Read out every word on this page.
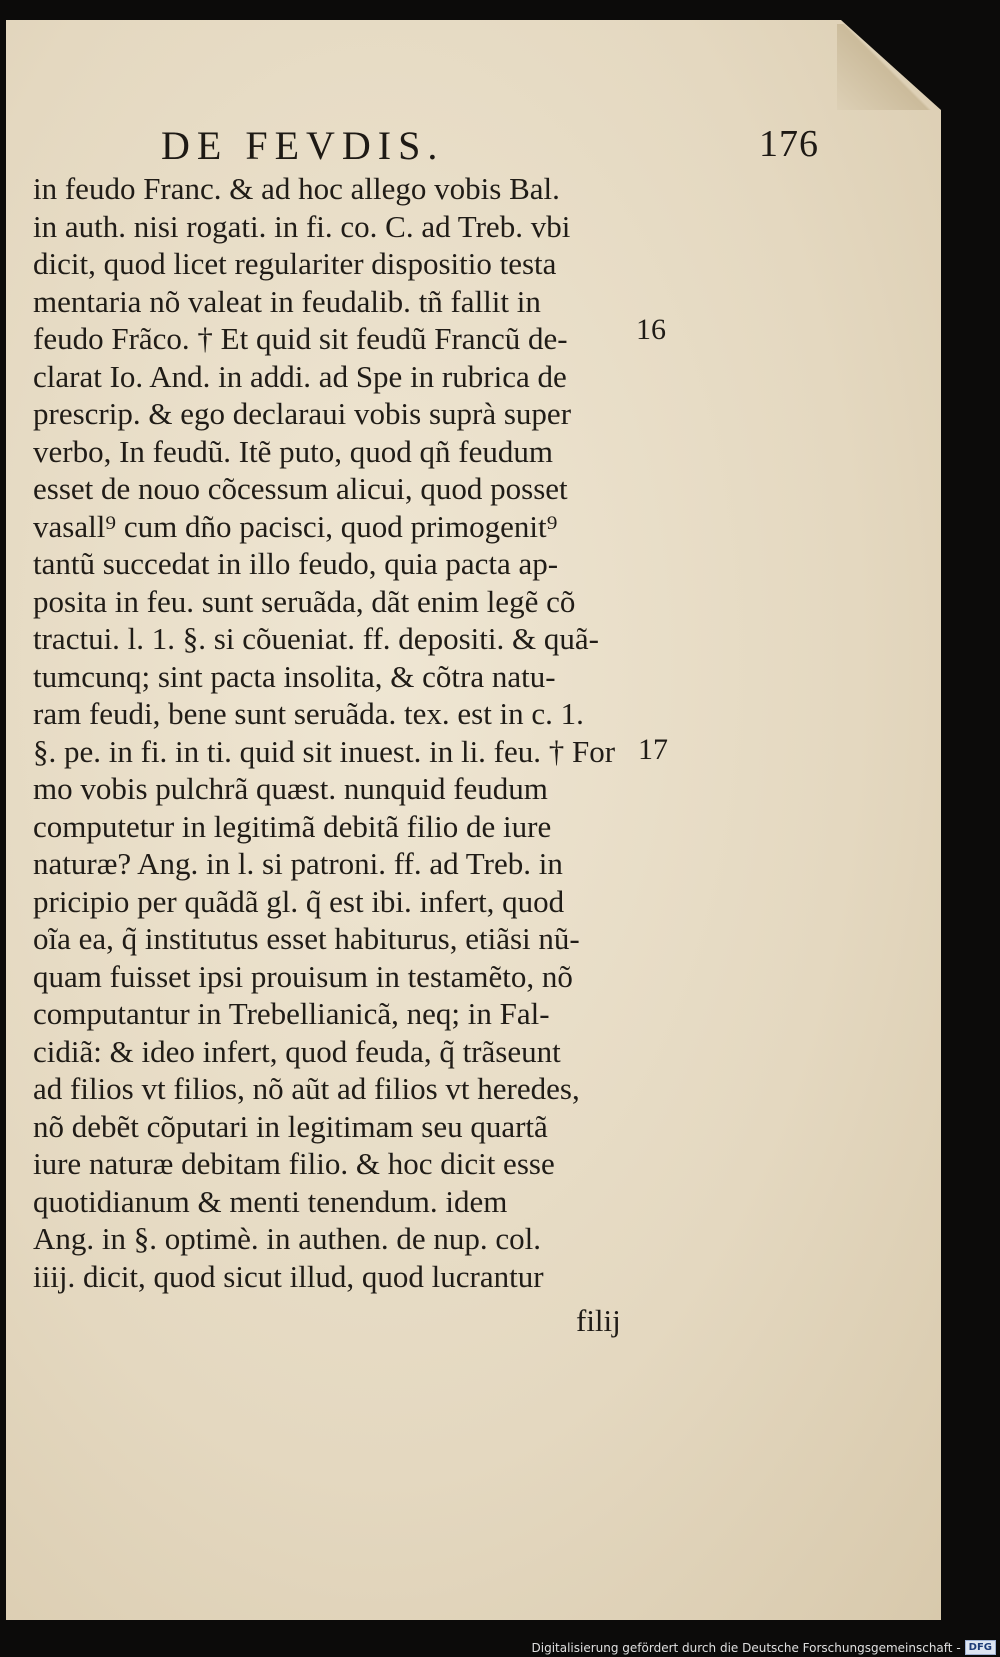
DE FEVDIS.	176
in feudo Franc. & ad hoc allego vobis Bal.
in auth. nisi rogati. in fi. co. C. ad Treb. vbi
dicit, quod licet regulariter dispositio testa
mentaria nõ valeat in feudalib. tñ fallit in
feudo Frãco. † Et quid sit feudũ Francũ de-
clarat Io. And. in addi. ad Spe in rubrica de
prescrip. & ego declaraui vobis suprà super
verbo, In feudũ. Itẽ puto, quod qñ feudum
esset de nouo cõcessum alicui, quod posset
vasall⁹ cum dño pacisci, quod primogenit⁹
tantũ succedat in illo feudo, quia pacta ap-
posita in feu. sunt seruãda, dãt enim legẽ cõ
tractui. l. 1. §. si cõueniat. ff. depositi. & quã-
tumcunq; sint pacta insolita, & cõtra natu-
ram feudi, bene sunt seruãda. tex. est in c. 1.
§. pe. in fi. in ti. quid sit inuest. in li. feu. † For
mo vobis pulchrã quæst. nunquid feudum
computetur in legitimã debitã filio de iure
naturæ? Ang. in l. si patroni. ff. ad Treb. in
pricipio per quãdã gl. q̃ est ibi. infert, quod
oĩa ea, q̃ institutus esset habiturus, etiãsi nũ-
quam fuisset ipsi prouisum in testamẽto, nõ
computantur in Trebellianicã, neq; in Fal-
cidiã: & ideo infert, quod feuda, q̃ trãseunt
ad filios vt filios, nõ aũt ad filios vt heredes,
nõ debẽt cõputari in legitimam seu quartã
iure naturæ debitam filio. & hoc dicit esse
quotidianum & menti tenendum. idem
Ang. in §. optimè. in authen. de nup. col.
iiij. dicit, quod sicut illud, quod lucrantur
16
17
filij
Digitalisierung gefördert durch die Deutsche Forschungsgemeinschaft - DFG
